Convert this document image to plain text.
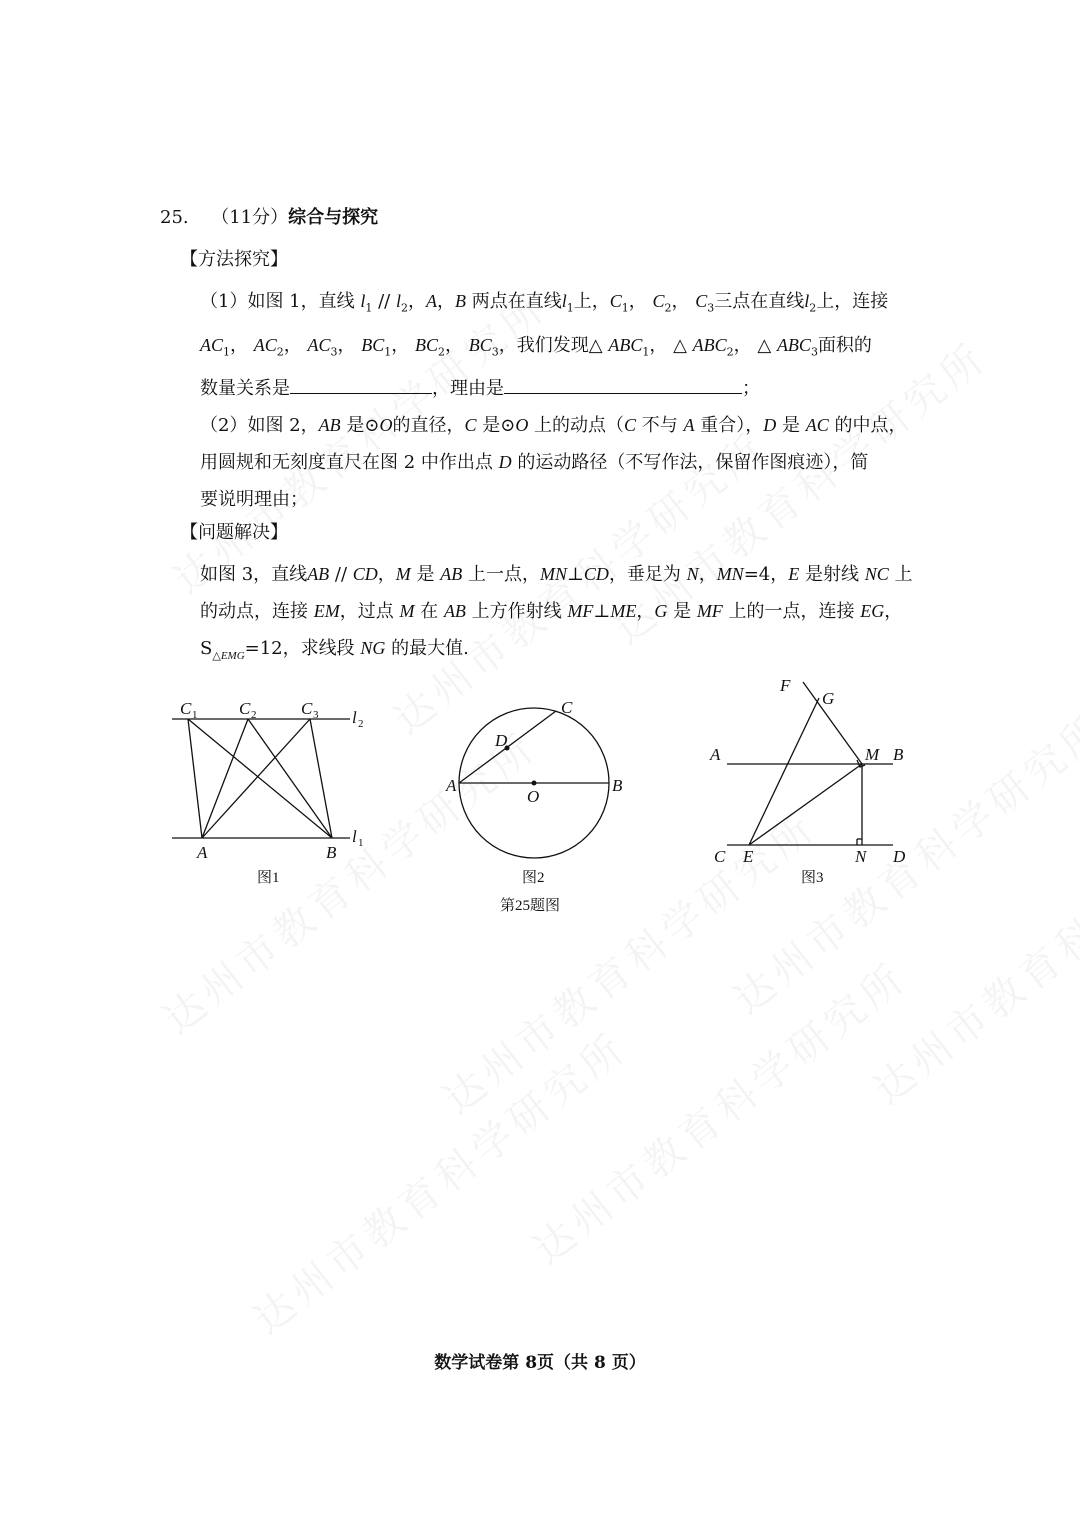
25. （11分）综合与探究
【方法探究】
（1）如图 1，直线 $l_1 // l_2$，A，B 两点在直线$l_1$上，$C_1$， $C_2$， $C_3$三点在直线$l_2$上，连接
$AC_1$， $AC_2$， $AC_3$， $BC_1$， $BC_2$， $BC_3$，我们发现△ $ABC_1$， △ $ABC_2$， △ $ABC_3$面积的
数量关系是	，理由是	；
（2）如图 2，AB 是⊙O的直径，C 是⊙O 上的动点（C 不与 A 重合），D 是 AC 的中点，
用圆规和无刻度直尺在图 2 中作出点 D 的运动路径（不写作法，保留作图痕迹），简
要说明理由；
【问题解决】
如图 3，直线AB // CD，M 是 AB 上一点，MN⊥CD，垂足为 N，MN=4，E 是射线 NC 上
的动点，连接 EM，过点 M 在 AB 上方作射线 MF⊥ME，G 是 MF 上的一点，连接 EG，
$S_{\triangle EMG}=12$，求线段 NG 的最大值.
C 1 C 2	C 3 l 2
l 1
A	B
图1
A	B
C
D
O
图2
第25题图
F
G
A	M B
C E	N D
图3
数学试卷第 8页（共 8 页）
